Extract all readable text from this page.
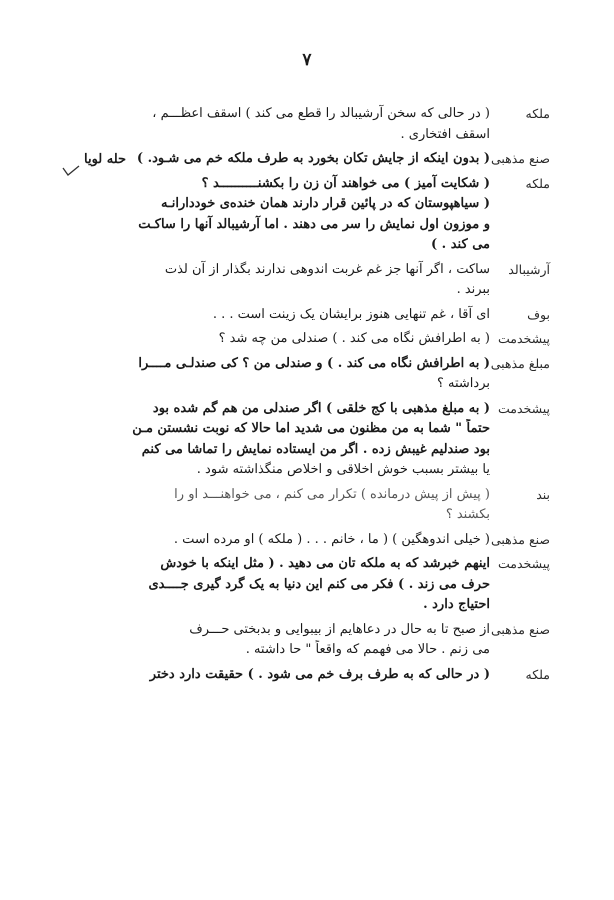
۷
حله لویا
ملکه
( در حالی که سخن آرشیبالد را قطع می کند ) اسقف اعظـــم ،
اسقف افتخاری .
صنع مذهبی
( بدون اینکه از جایش تکان بخورد به طرف ملکه خم می شـود. )
ملکه
( شکایت آمیز ) می خواهند آن زن را بکشنــــــــــد ؟
( سیاهپوستان که در پائین قرار دارند همان خنده‌ی خوددارانـه
و موزون اول نمایش را سر می دهند . اما آرشیبالد آنها را ساکـت
می کند . )
آرشیبالد
ساکت ، اگر آنها جز غم غربت اندوهی ندارند بگذار از آن لذت
ببرند .
بوف
ای آقا ، غم تنهایی هنوز برایشان یک زینت است . . .
پیشخدمت
( به اطرافش نگاه می کند . ) صندلی من چه شد ؟
مبلغ مذهبی
( به اطرافش نگاه می کند . ) و صندلی من ؟ کی صندلـی مــــرا
برداشته ؟
پیشخدمت
( به مبلغ مذهبی با کج خلقی ) اگر صندلی من هم گم شده بود
حتماً " شما به من مظنون می شدید اما حالا که نوبت نشستن مـن
بود صندلیم غیبش زده . اگر من ایستاده نمایش را تماشا می کنم
یا بیشتر بسبب خوش اخلاقی و اخلاص منگذاشته شود .
بند
( پیش از پیش درمانده ) تکرار می کنم ، می خواهنـــد او را
بکشند ؟
صنع مذهبی
( خیلی اندوهگین ) ( ما ، خانم . . . ( ملکه ) او مرده است .
پیشخدمت
اینهم خبرشد که به ملکه تان می دهید . ( مثل اینکه با خودش
حرف می زند . ) فکر می کنم این دنیا به یک گرد گیری جــــدی
احتیاج دارد .
صنع مذهبی
از صبح تا به حال در دعاهایم از بیبوایی و بدبختی حـــرف
می زنم . حالا می فهمم که واقعاً " حا داشته .
ملکه
( در حالی که به طرف برف خم می شود . ) حقیقت دارد دختر
